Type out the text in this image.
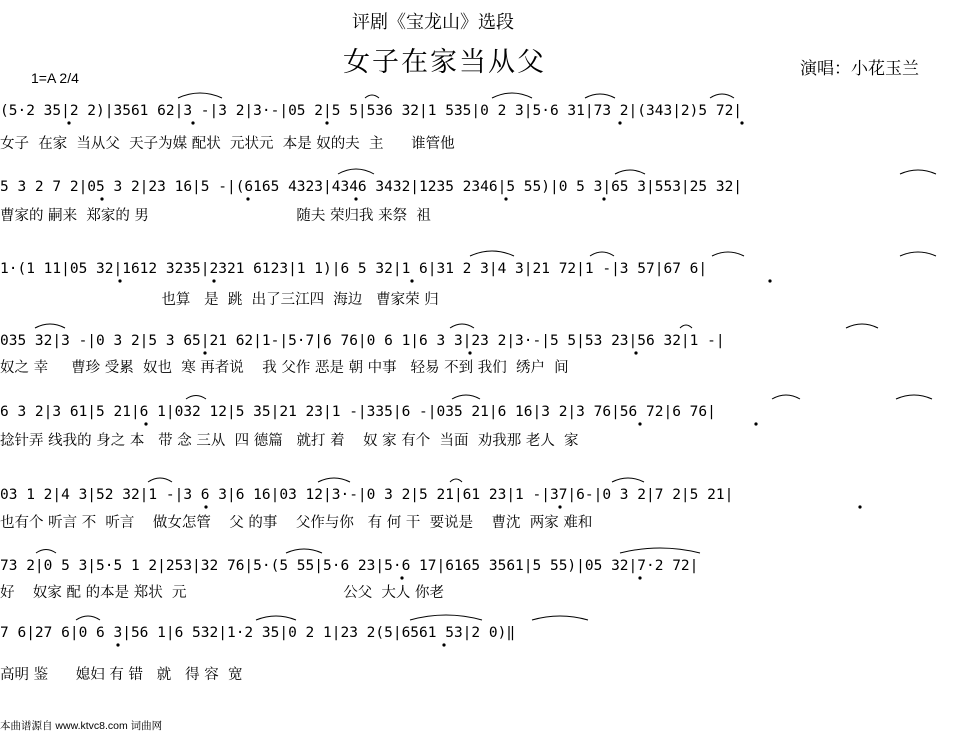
评剧《宝龙山》选段
女子在家当从父	演唱：小花玉兰
1=A 2/4
(5·2 35|2 2)|3561 62|3 -|3 2|3·-|05 2|5 5|536 32|1 535|0 2 3|5·6 31|73 2|(343|2)5 72|
女子  在家  当从父  天子为媒 配状  元状元  本是 奴的夫  主      谁管他
5 3 2 7 2|05 3 2|23 16|5 -|(6165 4323|4346 3432|1235 2346|5 55)|0 5 3|65 3|553|25 32|
曹家的 嗣来  郑家的 男                                随夫 荣归我 来祭  祖
1·(1 11|05 32|1612 3235|2321 6123|1 1)|6 5 32|1 6|31 2 3|4 3|21 72|1 -|3 57|67 6|
也算   是  跳  出了三江四  海边   曹家荣 归
035 32|3 -|0 3 2|5 3 65|21 62|1-|5·7|6 76|0 6 1|6 3 3|23 2|3·-|5 5|53 23|56 32|1 -|
奴之 幸     曹珍 受累  奴也  寒 再者说    我 父作 恶是 朝 中事   轻易 不到 我们  绣户  间
6 3 2|3 61|5 21|6 1|032 12|5 35|21 23|1 -|335|6 -|035 21|6 16|3 2|3 76|56 72|6 76|
捻针弄 线我的 身之 本   带 念 三从  四 德篇   就打 着    奴 家 有个  当面  劝我那 老人  家
03 1 2|4 3|52 32|1 -|3 6 3|6 16|03 12|3·-|0 3 2|5 21|61 23|1 -|37|6-|0 3 2|7 2|5 21|
也有个 听言 不  听言    做女怎管    父 的事    父作与你   有 何 干  要说是    曹沈  两家 难和
73 2|0 5 3|5·5 1 2|253|32 76|5·(5 55|5·6 23|5·6 17|6165 3561|5 55)|05 32|7·2 72|
好    奴家 配 的本是 郑状  元                                  公父  大人 你老
7 6|27 6|0 6 3|56 1|6 532|1·2 35|0 2 1|23 2(5|6561 53|2 0)‖
高明 鉴      媳妇 有 错   就   得 容  宽
本曲谱源自 www.ktvc8.com 词曲网
